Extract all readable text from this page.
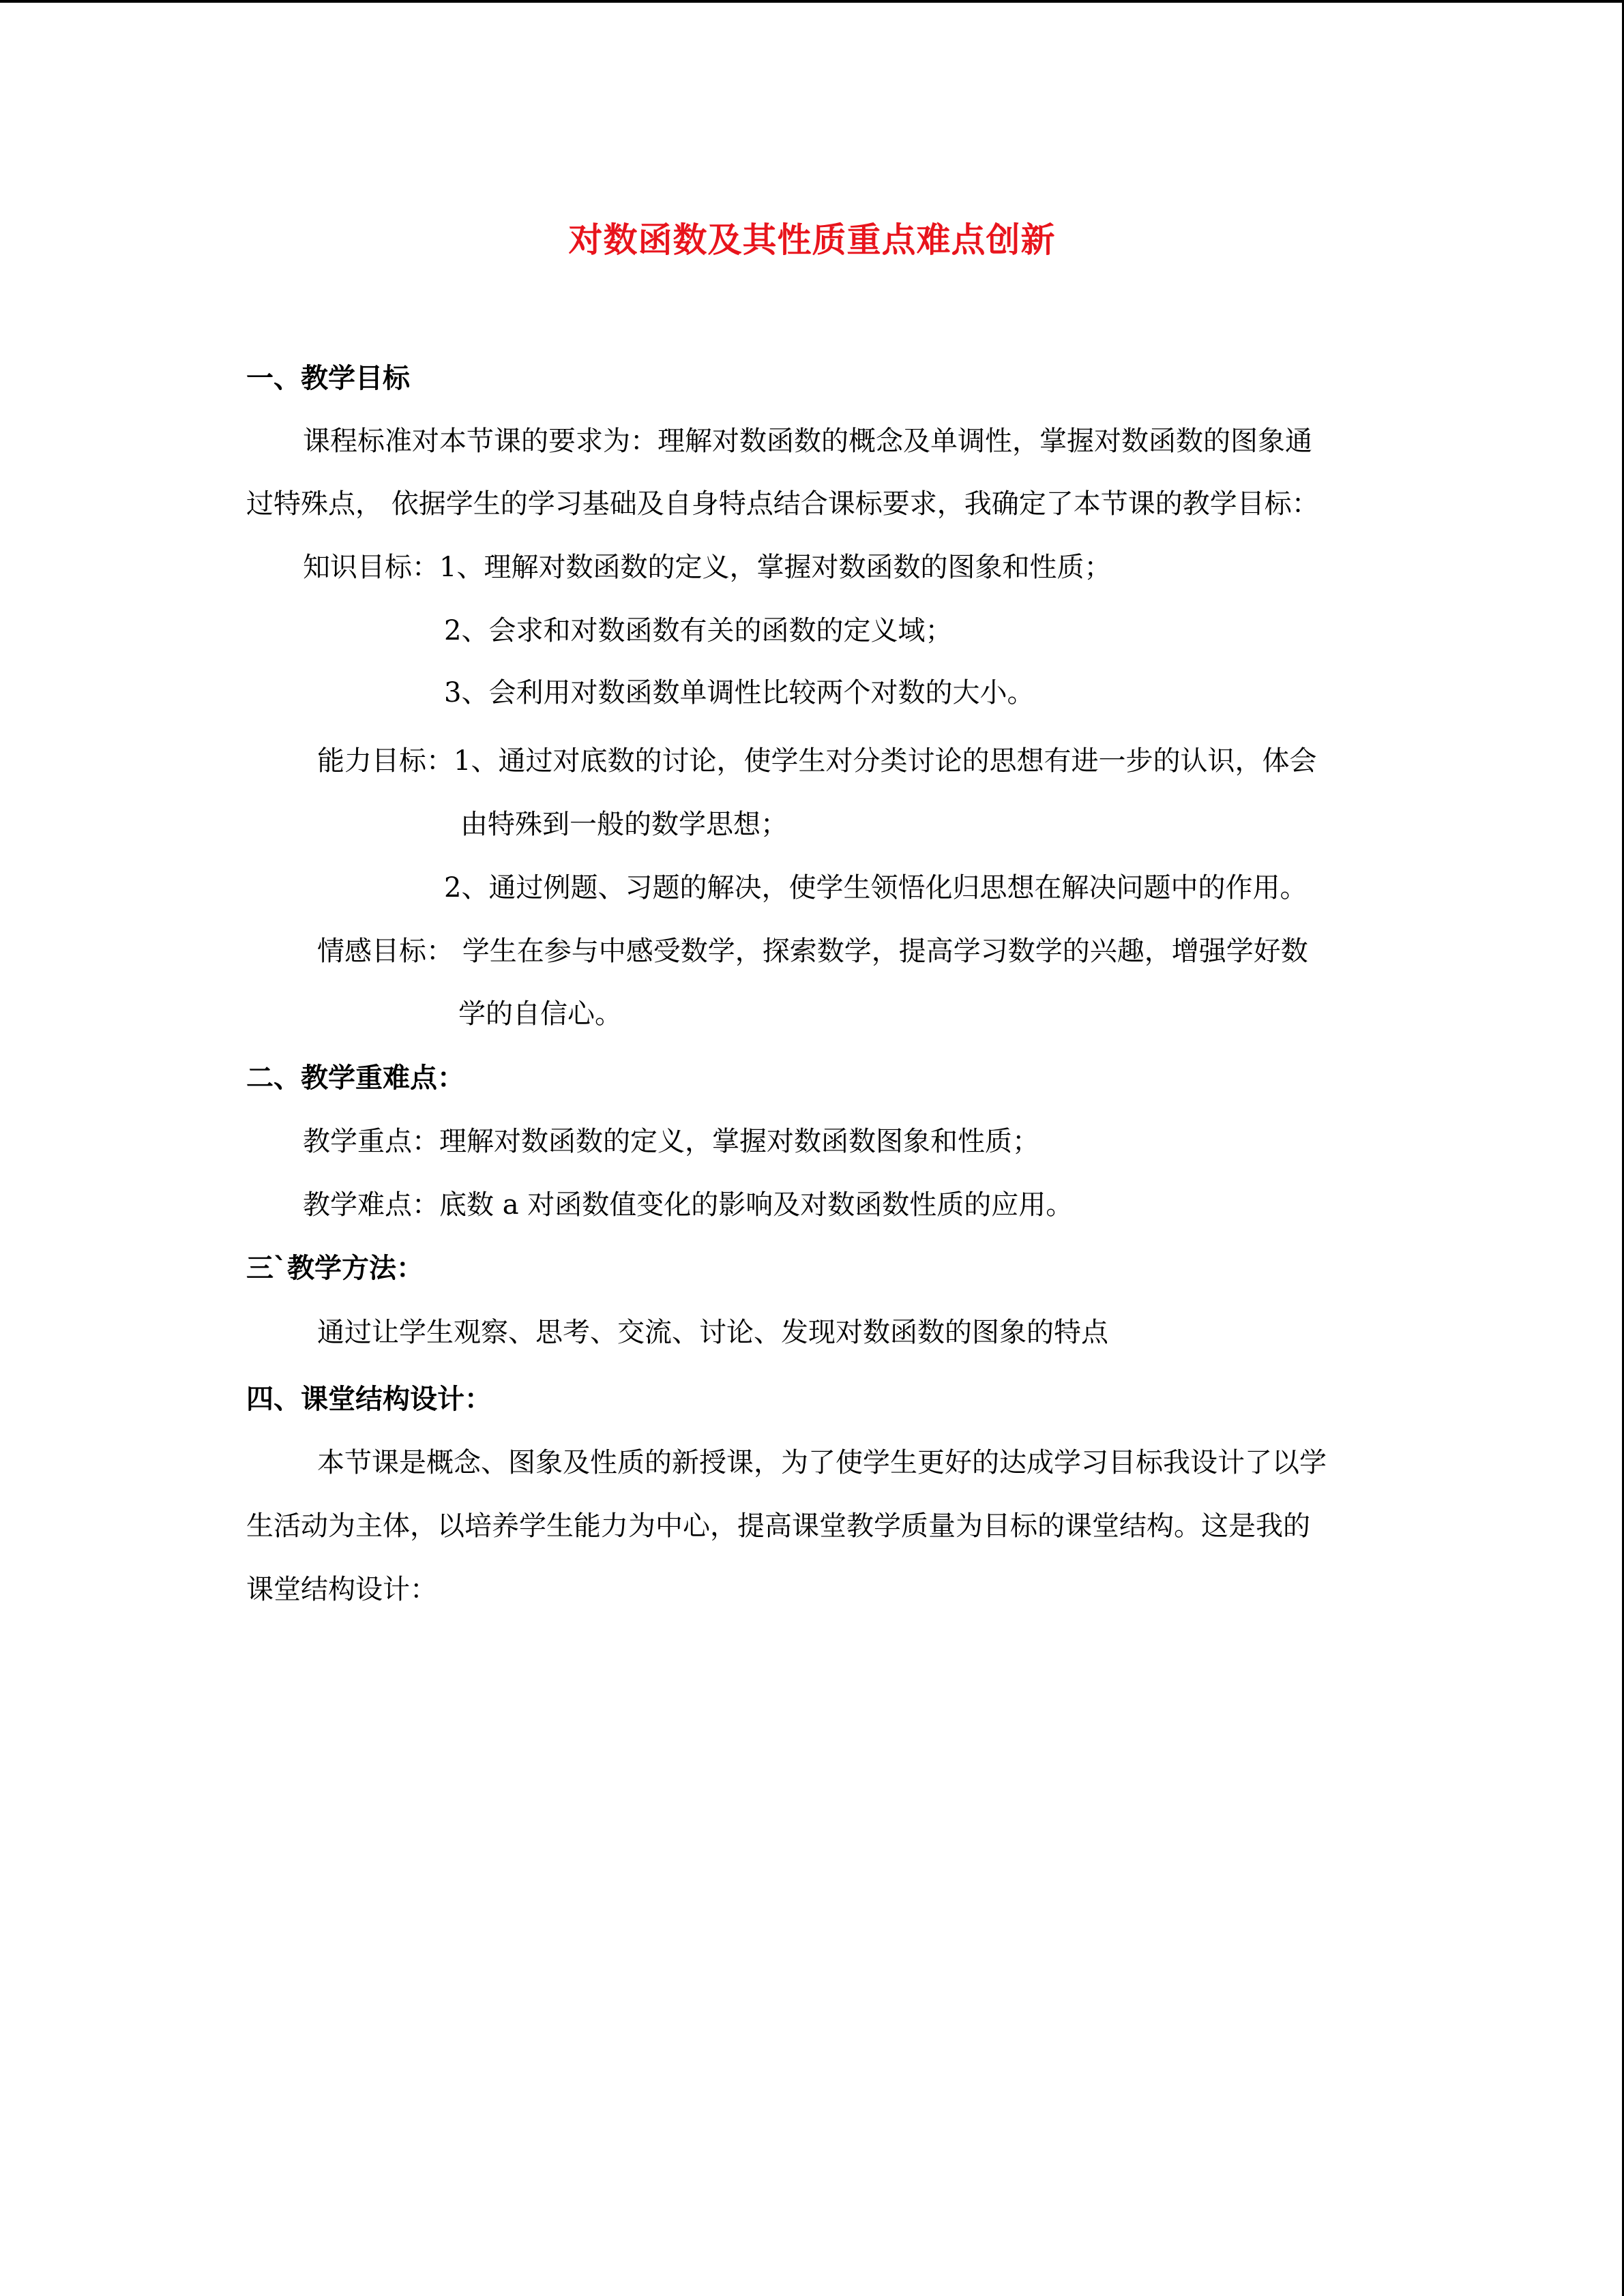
对数函数及其性质重点难点创新
一、教学目标
课程标准对本节课的要求为：理解对数函数的概念及单调性，掌握对数函数的图象通
过特殊点， 依据学生的学习基础及自身特点结合课标要求，我确定了本节课的教学目标：
知识目标：1、理解对数函数的定义，掌握对数函数的图象和性质；
2、会求和对数函数有关的函数的定义域；
3、会利用对数函数单调性比较两个对数的大小。
能力目标：1、通过对底数的讨论，使学生对分类讨论的思想有进一步的认识，体会
由特殊到一般的数学思想；
2、通过例题、习题的解决，使学生领悟化归思想在解决问题中的作用。
情感目标： 学生在参与中感受数学，探索数学，提高学习数学的兴趣，增强学好数
学的自信心。
二、教学重难点：
教学重点：理解对数函数的定义，掌握对数函数图象和性质；
教学难点：底数 a 对函数值变化的影响及对数函数性质的应用。
三`教学方法：
通过让学生观察、思考、交流、讨论、发现对数函数的图象的特点
四、课堂结构设计：
本节课是概念、图象及性质的新授课，为了使学生更好的达成学习目标我设计了以学
生活动为主体，以培养学生能力为中心，提高课堂教学质量为目标的课堂结构。这是我的
课堂结构设计：
